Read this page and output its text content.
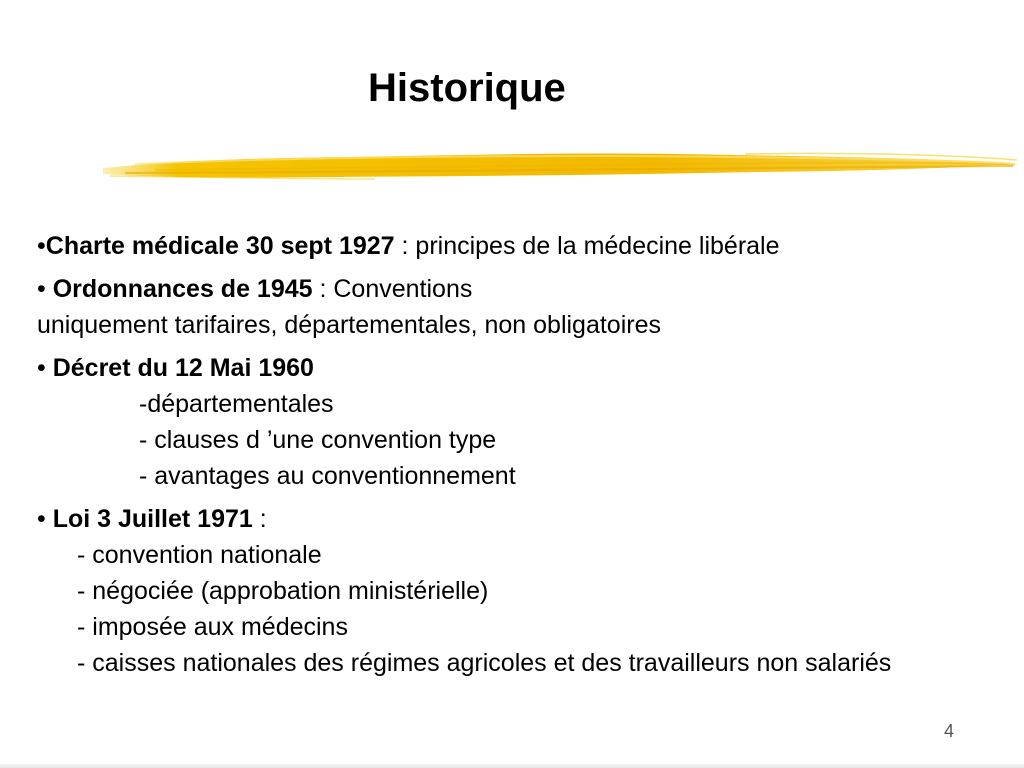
Historique
•Charte médicale 30 sept 1927 : principes de la médecine libérale
• Ordonnances de 1945 : Conventions
uniquement tarifaires, départementales, non obligatoires
• Décret du 12 Mai 1960
-départementales
- clauses d ’une convention type
- avantages au conventionnement
• Loi 3 Juillet 1971 :
- convention nationale
- négociée (approbation ministérielle)
- imposée aux médecins
- caisses nationales des régimes agricoles et des travailleurs non salariés
4
